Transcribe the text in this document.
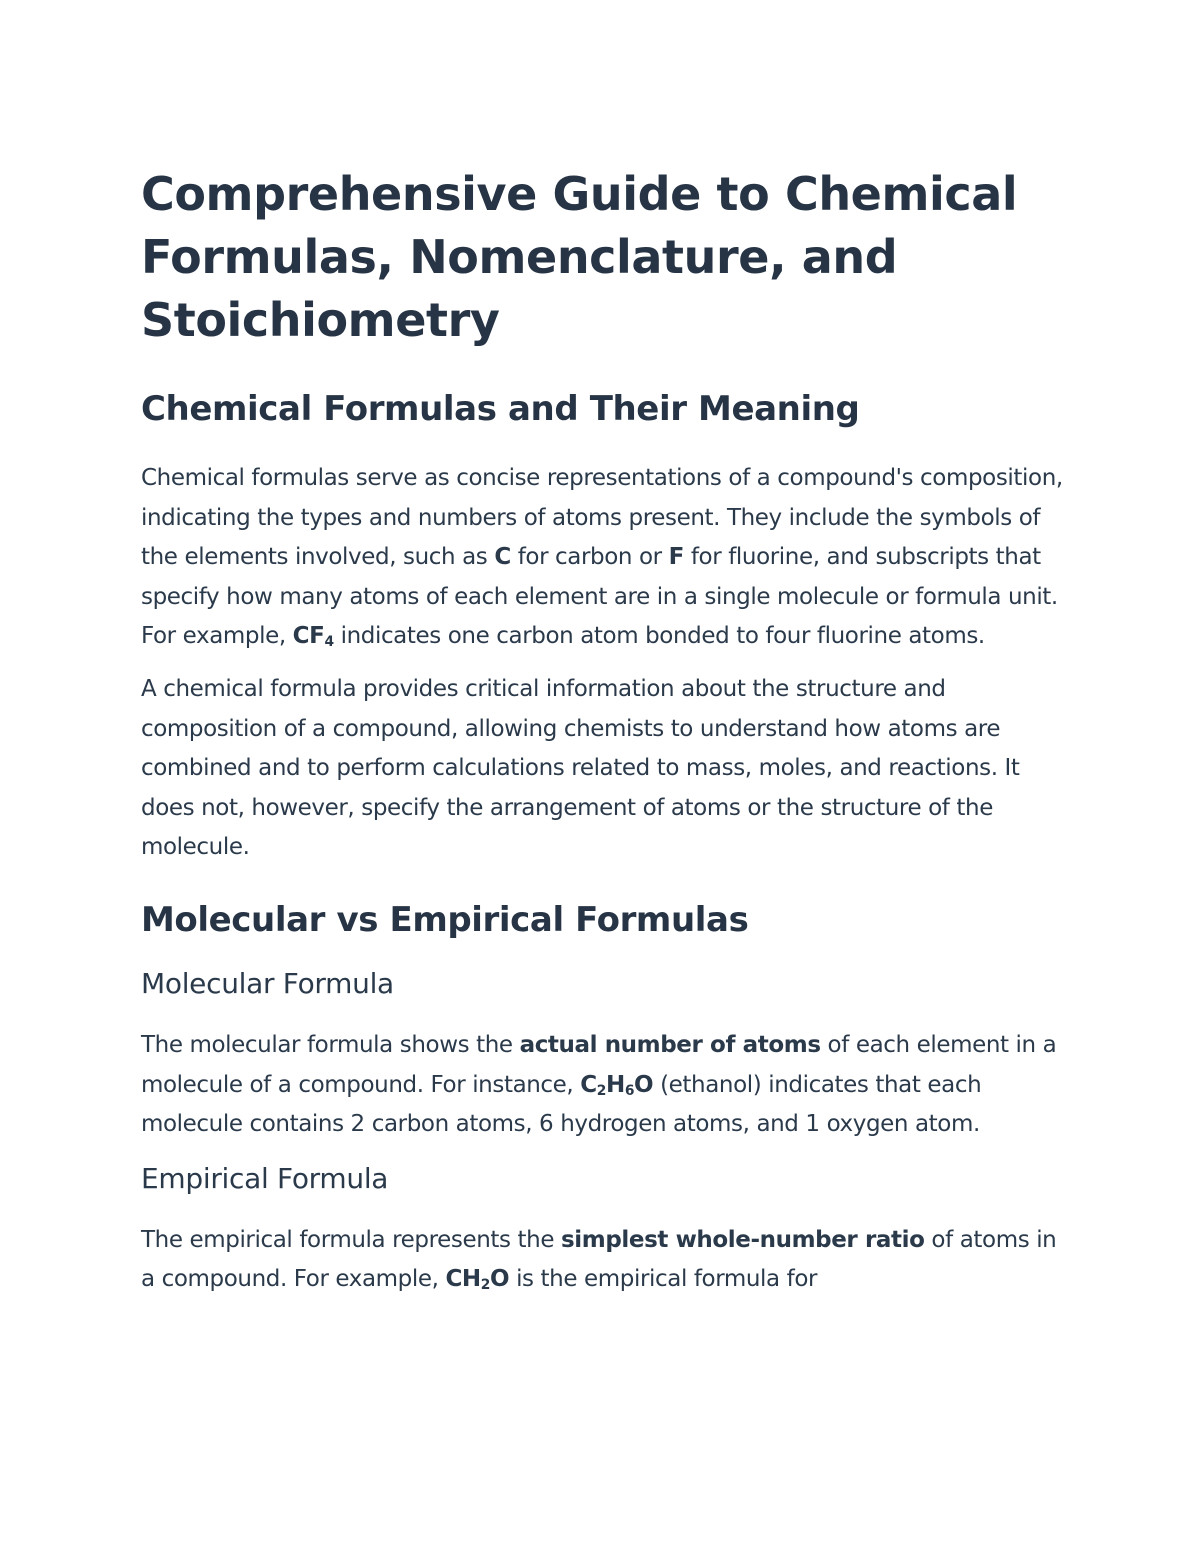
Comprehensive Guide to Chemical Formulas, Nomenclature, and Stoichiometry
Chemical Formulas and Their Meaning

Chemical formulas serve as concise representations of a compound's composition, indicating the types and numbers of atoms present. They include the symbols of the elements involved, such as C for carbon or F for fluorine, and subscripts that specify how many atoms of each element are in a single molecule or formula unit. For example, $CF_4$ indicates one carbon atom bonded to four fluorine atoms.

A chemical formula provides critical information about the structure and composition of a compound, allowing chemists to understand how atoms are combined and to perform calculations related to mass, moles, and reactions. It does not, however, specify the arrangement of atoms or the structure of the molecule.

Molecular vs Empirical Formulas
Molecular Formula

The molecular formula shows the actual number of atoms of each element in a molecule of a compound. For instance, $C_2H_6O$ (ethanol) indicates that each molecule contains 2 carbon atoms, 6 hydrogen atoms, and 1 oxygen atom.

Empirical Formula

The empirical formula represents the simplest whole-number ratio of atoms in a compound. For example, $CH_2O$ is the empirical formula for
